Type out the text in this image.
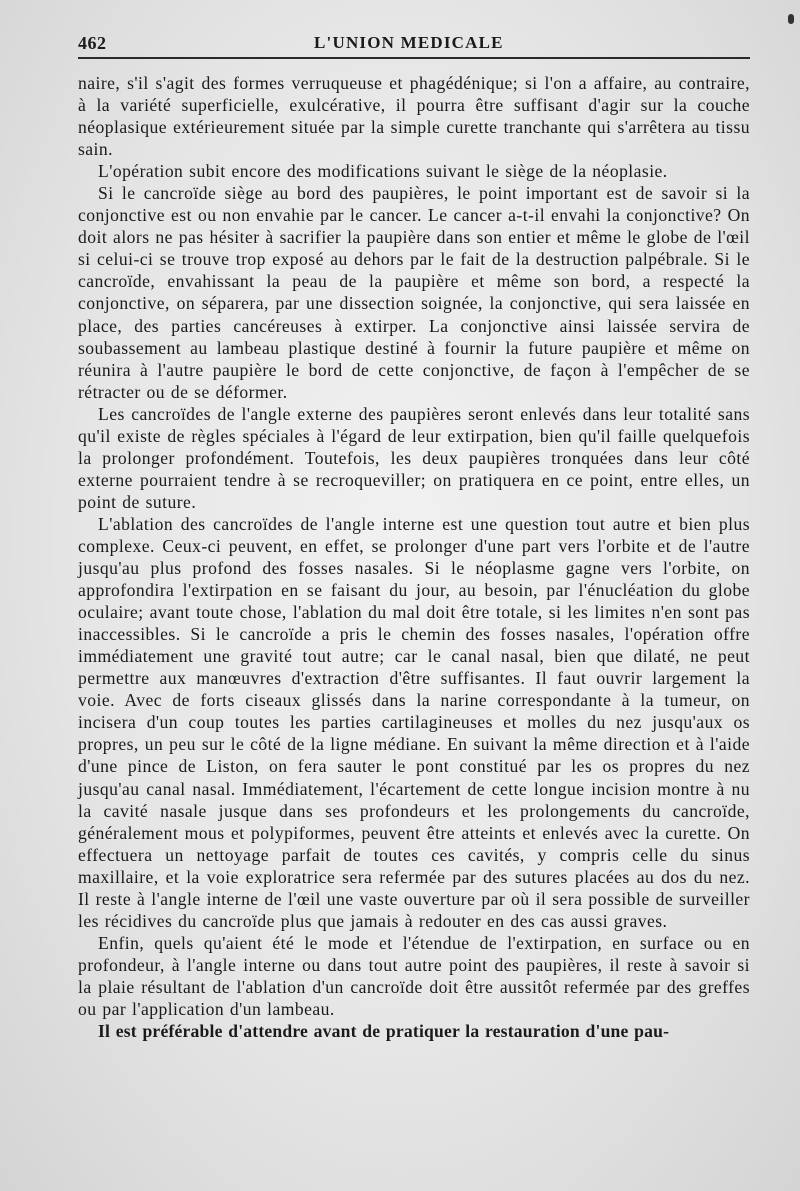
462	L'UNION MEDICALE

naire, s'il s'agit des formes verruqueuse et phagédénique; si l'on a affaire, au contraire, à la variété superficielle, exulcérative, il pourra être suffisant d'agir sur la couche néoplasique extérieurement située par la simple curette tranchante qui s'arrêtera au tissu sain.

L'opération subit encore des modifications suivant le siège de la néoplasie.

Si le cancroïde siège au bord des paupières, le point important est de savoir si la conjonctive est ou non envahie par le cancer. Le cancer a-t-il envahi la conjonctive? On doit alors ne pas hésiter à sacrifier la paupière dans son entier et même le globe de l'œil si celui-ci se trouve trop exposé au dehors par le fait de la destruction palpébrale. Si le cancroïde, envahissant la peau de la paupière et même son bord, a respecté la conjonctive, on séparera, par une dissection soignée, la conjonctive, qui sera laissée en place, des parties cancéreuses à extirper. La conjonctive ainsi laissée servira de soubassement au lambeau plastique destiné à fournir la future paupière et même on réunira à l'autre paupière le bord de cette conjonctive, de façon à l'empêcher de se rétracter ou de se déformer.

Les cancroïdes de l'angle externe des paupières seront enlevés dans leur totalité sans qu'il existe de règles spéciales à l'égard de leur extirpation, bien qu'il faille quelquefois la prolonger profondément. Toutefois, les deux paupières tronquées dans leur côté externe pourraient tendre à se recroqueviller; on pratiquera en ce point, entre elles, un point de suture.

L'ablation des cancroïdes de l'angle interne est une question tout autre et bien plus complexe. Ceux-ci peuvent, en effet, se prolonger d'une part vers l'orbite et de l'autre jusqu'au plus profond des fosses nasales. Si le néoplasme gagne vers l'orbite, on approfondira l'extirpation en se faisant du jour, au besoin, par l'énucléation du globe oculaire; avant toute chose, l'ablation du mal doit être totale, si les limites n'en sont pas inaccessibles. Si le cancroïde a pris le chemin des fosses nasales, l'opération offre immédiatement une gravité tout autre; car le canal nasal, bien que dilaté, ne peut permettre aux manœuvres d'extraction d'être suffisantes. Il faut ouvrir largement la voie. Avec de forts ciseaux glissés dans la narine correspondante à la tumeur, on incisera d'un coup toutes les parties cartilagineuses et molles du nez jusqu'aux os propres, un peu sur le côté de la ligne médiane. En suivant la même direction et à l'aide d'une pince de Liston, on fera sauter le pont constitué par les os propres du nez jusqu'au canal nasal. Immédiatement, l'écartement de cette longue incision montre à nu la cavité nasale jusque dans ses profondeurs et les prolongements du cancroïde, généralement mous et polypiformes, peuvent être atteints et enlevés avec la curette. On effectuera un nettoyage parfait de toutes ces cavités, y compris celle du sinus maxillaire, et la voie exploratrice sera refermée par des sutures placées au dos du nez. Il reste à l'angle interne de l'œil une vaste ouverture par où il sera possible de surveiller les récidives du cancroïde plus que jamais à redouter en des cas aussi graves.

Enfin, quels qu'aient été le mode et l'étendue de l'extirpation, en surface ou en profondeur, à l'angle interne ou dans tout autre point des paupières, il reste à savoir si la plaie résultant de l'ablation d'un cancroïde doit être aussitôt refermée par des greffes ou par l'application d'un lambeau.

Il est préférable d'attendre avant de pratiquer la restauration d'une pau-
